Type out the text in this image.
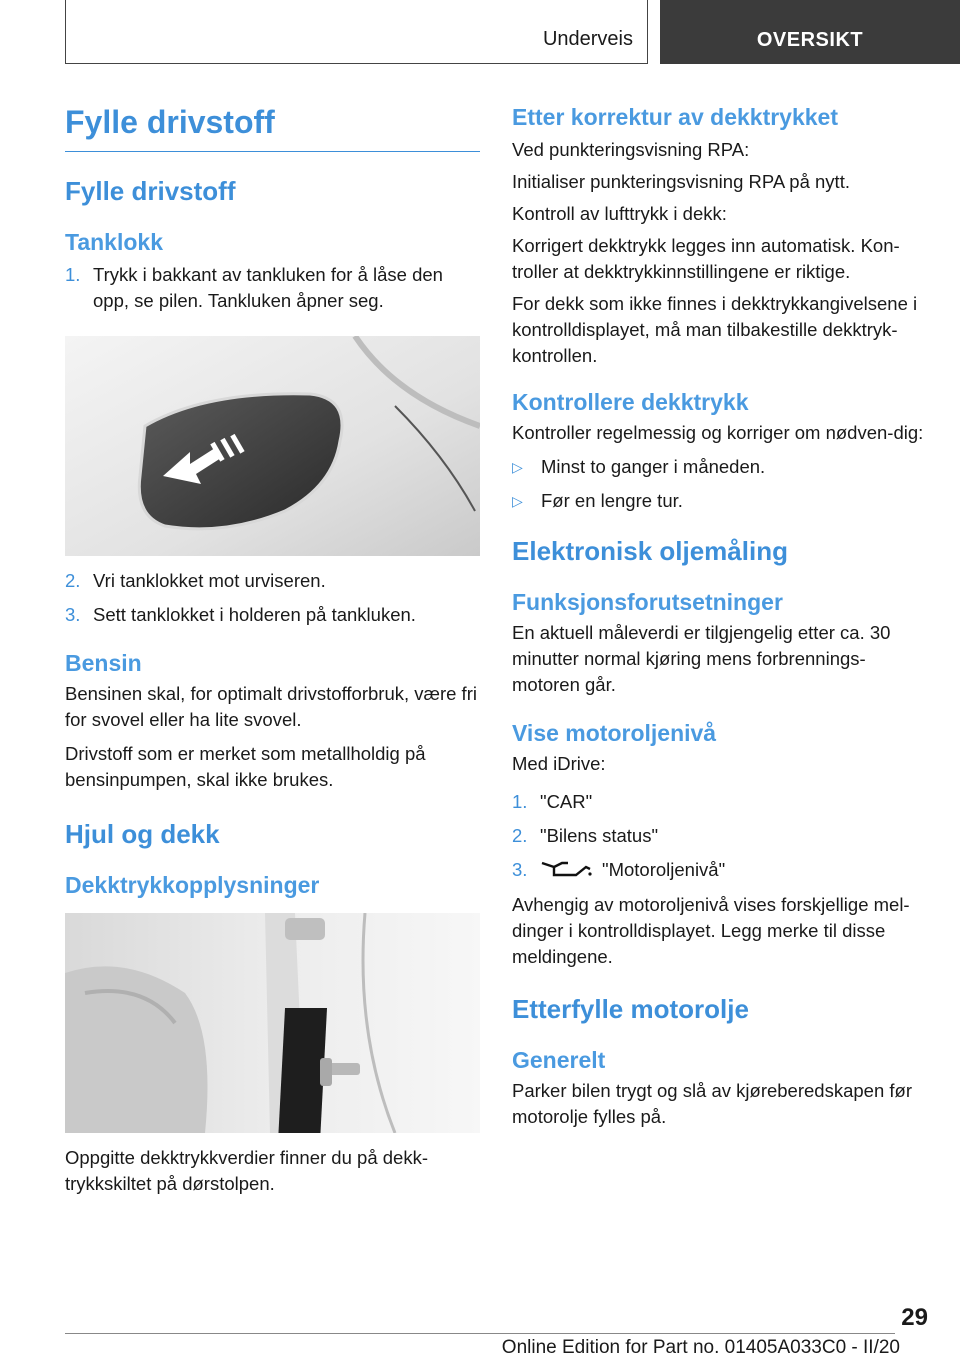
Underveis	OVERSIKT
Fylle drivstoff
Fylle drivstoff
Tanklokk
1. Trykk i bakkant av tankluken for å låse den opp, se pilen. Tankluken åpner seg.
2. Vri tanklokket mot urviseren.
3. Sett tanklokket i holderen på tankluken.
Bensin
Bensinen skal, for optimalt drivstofforbruk, være fri for svovel eller ha lite svovel.
Drivstoff som er merket som metallholdig på bensinpumpen, skal ikke brukes.
Hjul og dekk
Dekktrykkopplysninger
Oppgitte dekktrykkverdier finner du på dekk-trykkskiltet på dørstolpen.
Etter korrektur av dekktrykket
Ved punkteringsvisning RPA:
Initialiser punkteringsvisning RPA på nytt.
Kontroll av lufttrykk i dekk:
Korrigert dekktrykk legges inn automatisk. Kon-troller at dekktrykkinnstillingene er riktige.
For dekk som ikke finnes i dekktrykkangivelsene i kontrolldisplayet, må man tilbakestille dekktryk-kontrollen.
Kontrollere dekktrykk
Kontroller regelmessig og korriger om nødven-dig:
▷ Minst to ganger i måneden.
▷ Før en lengre tur.
Elektronisk oljemåling
Funksjonsforutsetninger
En aktuell måleverdi er tilgjengelig etter ca. 30 minutter normal kjøring mens forbrennings-motoren går.
Vise motoroljenivå
Med iDrive:
1. "CAR"
2. "Bilens status"
3.	"Motoroljenivå"
Avhengig av motoroljenivå vises forskjellige mel-dinger i kontrolldisplayet. Legg merke til disse meldingene.
Etterfylle motorolje
Generelt
Parker bilen trygt og slå av kjøreberedskapen før motorolje fylles på.
29
Online Edition for Part no. 01405A033C0 - II/20
